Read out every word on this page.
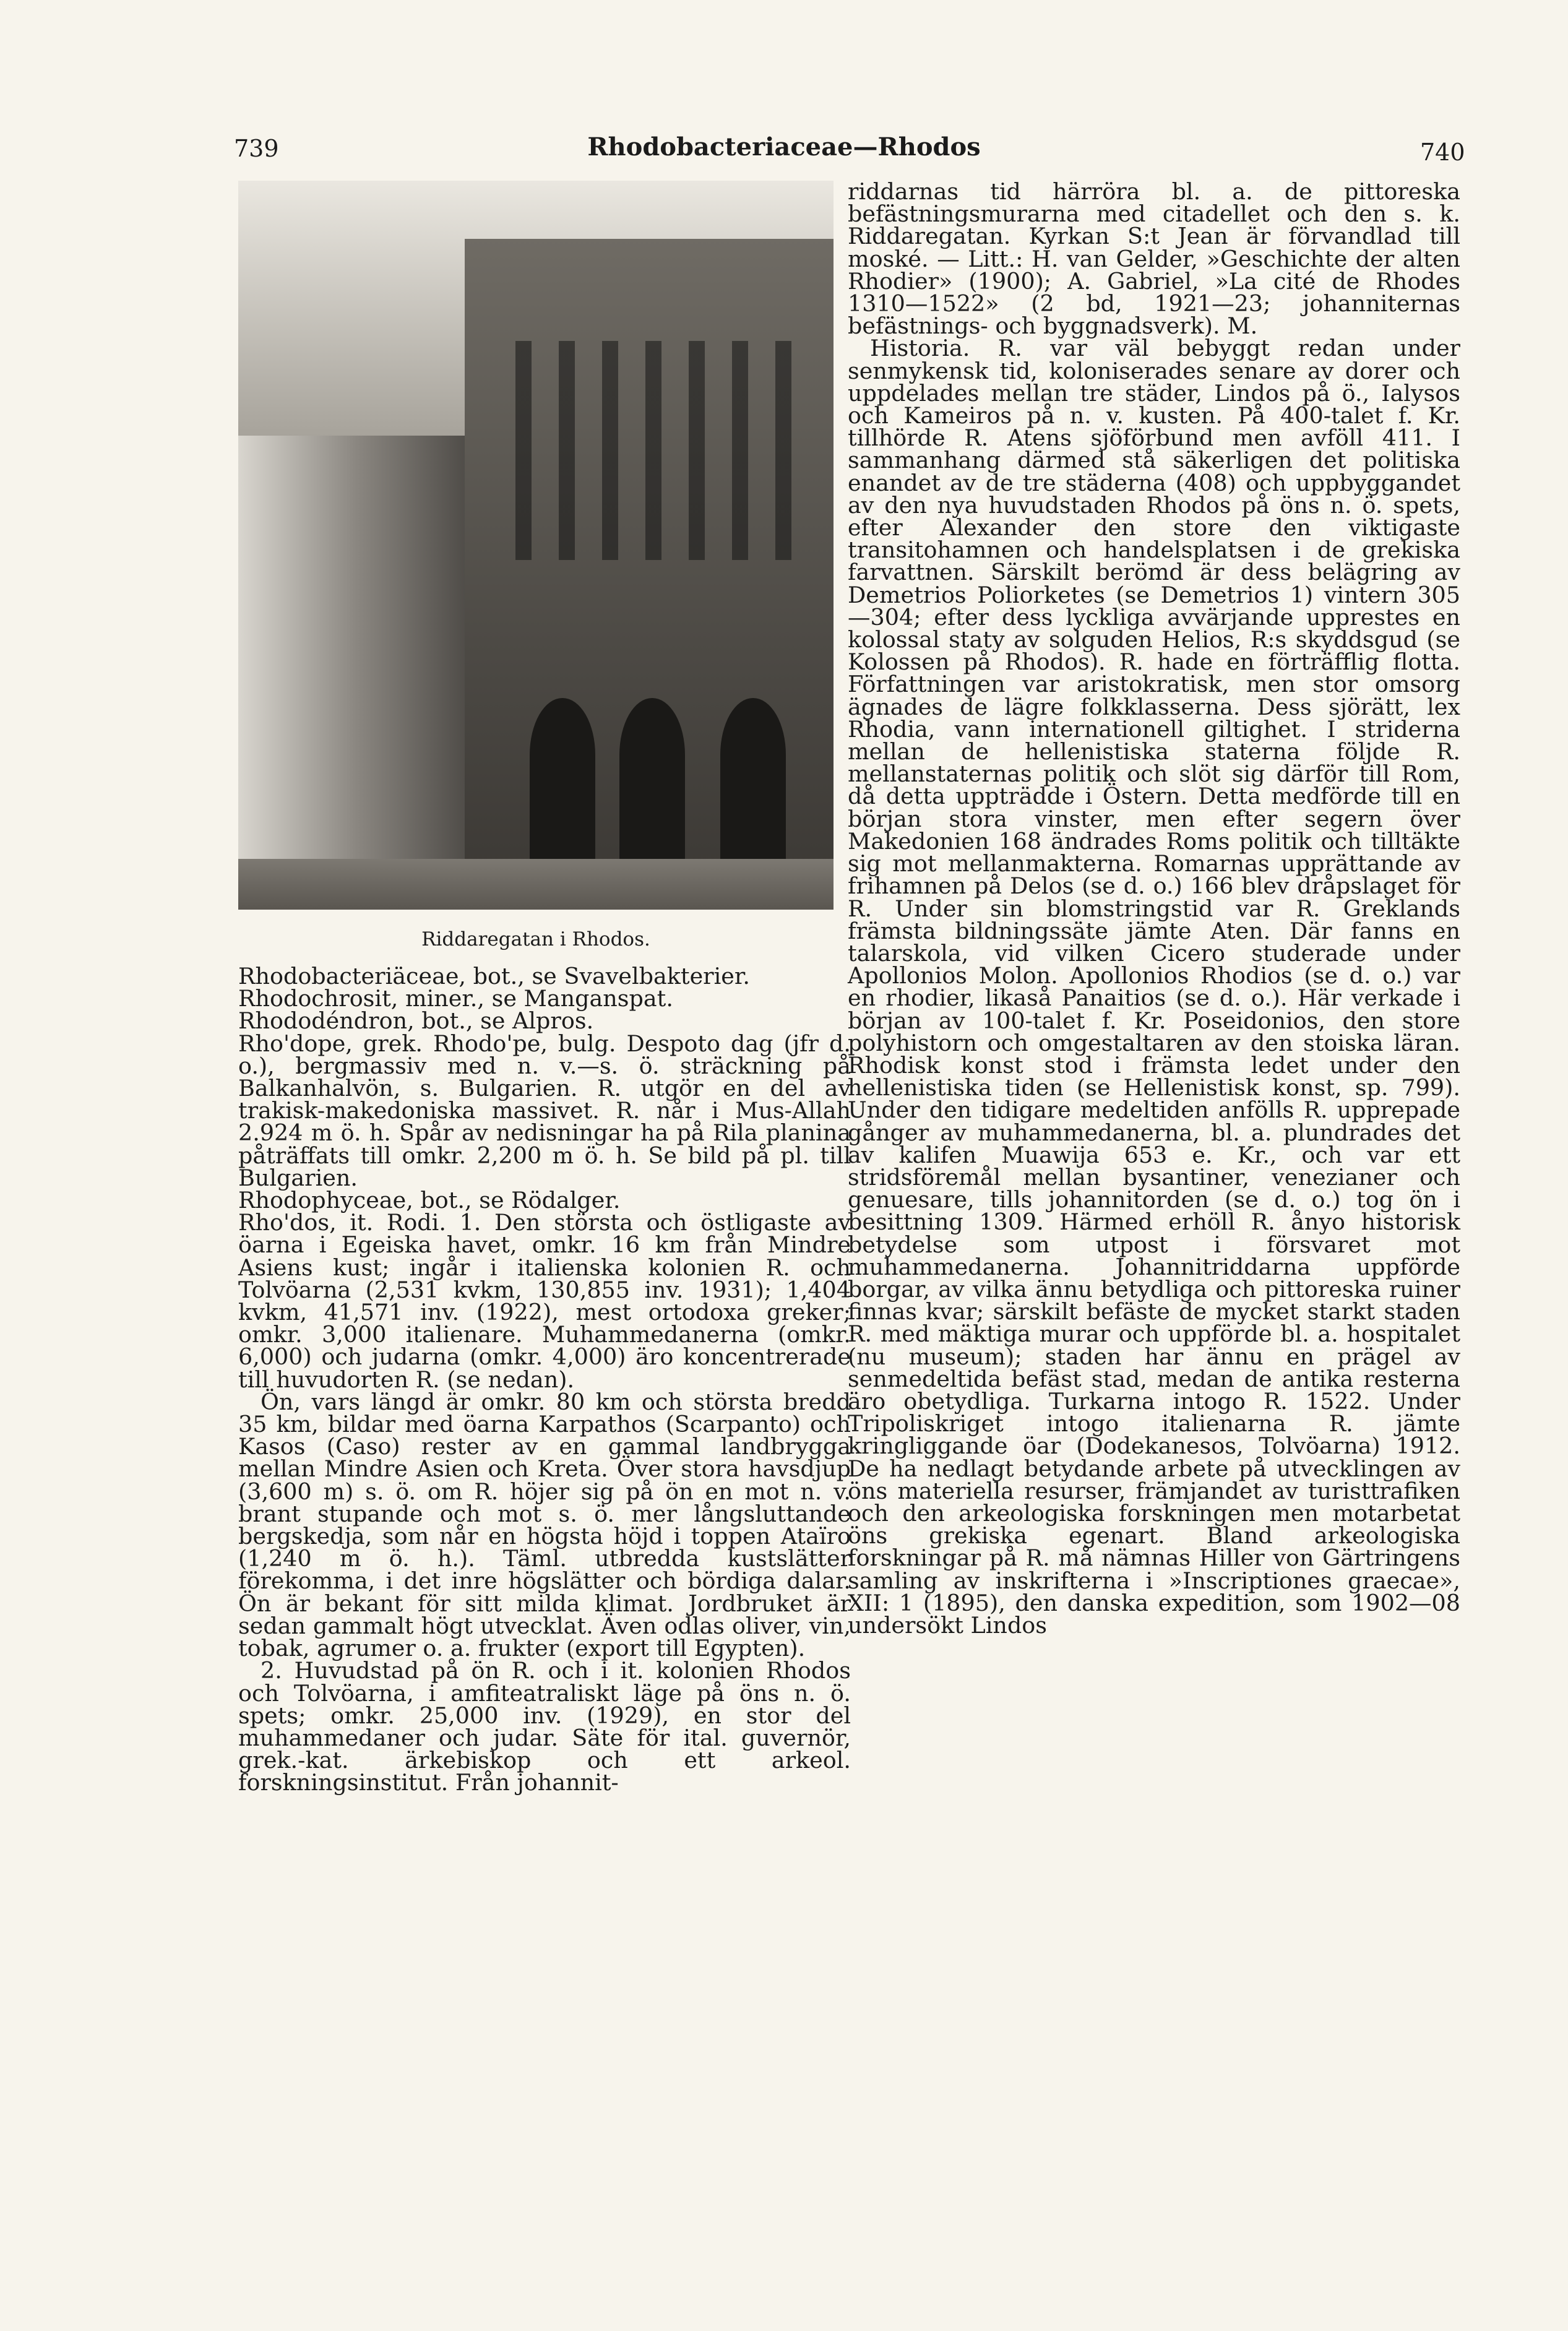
739	Rhodobacteriaceae—Rhodos	740
Riddaregatan i Rhodos.

Rhodobacteriäceae, bot., se Svavelbakterier.

Rhodochrosit, miner., se Manganspat.

Rhododéndron, bot., se Alpros.

Rho'dope, grek. Rhodo'pe, bulg. Despoto dag (jfr d. o.), bergmassiv med n. v.—s. ö. sträckning på Balkanhalvön, s. Bulgarien. R. utgör en del av trakisk-makedoniska massivet. R. når i Mus-Allah 2.924 m ö. h. Spår av nedisningar ha på Rila planina påträffats till omkr. 2,200 m ö. h. Se bild på pl. till Bulgarien.

Rhodophyceae, bot., se Rödalger.

Rho'dos, it. Rodi. 1. Den största och östligaste av öarna i Egeiska havet, omkr. 16 km från Mindre Asiens kust; ingår i italienska kolonien R. och Tolvöarna (2,531 kvkm, 130,855 inv. 1931); 1,404 kvkm, 41,571 inv. (1922), mest ortodoxa greker; omkr. 3,000 italienare. Muhammedanerna (omkr. 6,000) och judarna (omkr. 4,000) äro koncentrerade till huvudorten R. (se nedan).

Ön, vars längd är omkr. 80 km och största bredd 35 km, bildar med öarna Karpathos (Scarpanto) och Kasos (Caso) rester av en gammal landbrygga mellan Mindre Asien och Kreta. Över stora havsdjup (3,600 m) s. ö. om R. höjer sig på ön en mot n. v. brant stupande och mot s. ö. mer långsluttande bergskedja, som når en högsta höjd i toppen Ataïro (1,240 m ö. h.). Täml. utbredda kustslätter förekomma, i det inre högslätter och bördiga dalar. Ön är bekant för sitt milda klimat. Jordbruket är sedan gammalt högt utvecklat. Även odlas oliver, vin, tobak, agrumer o. a. frukter (export till Egypten).

2. Huvudstad på ön R. och i it. kolonien Rhodos och Tolvöarna, i amfiteatraliskt läge på öns n. ö. spets; omkr. 25,000 inv. (1929), en stor del muhammedaner och judar. Säte för ital. guvernör, grek.-kat. ärkebiskop och ett arkeol. forskningsinstitut. Från johannit-

riddarnas tid härröra bl. a. de pittoreska befästningsmurarna med citadellet och den s. k. Riddaregatan. Kyrkan S:t Jean är förvandlad till moské. — Litt.: H. van Gelder, »Geschichte der alten Rhodier» (1900); A. Gabriel, »La cité de Rhodes 1310—1522» (2 bd, 1921—23; johanniternas befästnings- och byggnadsverk). M.

Historia. R. var väl bebyggt redan under senmykensk tid, koloniserades senare av dorer och uppdelades mellan tre städer, Lindos på ö., Ialysos och Kameiros på n. v. kusten. På 400-talet f. Kr. tillhörde R. Atens sjöförbund men avföll 411. I sammanhang därmed stå säkerligen det politiska enandet av de tre städerna (408) och uppbyggandet av den nya huvudstaden Rhodos på öns n. ö. spets, efter Alexander den store den viktigaste transitohamnen och handelsplatsen i de grekiska farvattnen. Särskilt berömd är dess belägring av Demetrios Poliorketes (se Demetrios 1) vintern 305—304; efter dess lyckliga avvärjande upprestes en kolossal staty av solguden Helios, R:s skyddsgud (se Kolossen på Rhodos). R. hade en förträfflig flotta. Författningen var aristokratisk, men stor omsorg ägnades de lägre folkklasserna. Dess sjörätt, lex Rhodia, vann internationell giltighet. I striderna mellan de hellenistiska staterna följde R. mellanstaternas politik och slöt sig därför till Rom, då detta uppträdde i Östern. Detta medförde till en början stora vinster, men efter segern över Makedonien 168 ändrades Roms politik och tilltäkte sig mot mellanmakterna. Romarnas upprättande av frihamnen på Delos (se d. o.) 166 blev dråpslaget för R. Under sin blomstringstid var R. Greklands främsta bildningssäte jämte Aten. Där fanns en talarskola, vid vilken Cicero studerade under Apollonios Molon. Apollonios Rhodios (se d. o.) var en rhodier, likaså Panaitios (se d. o.). Här verkade i början av 100-talet f. Kr. Poseidonios, den store polyhistorn och omgestaltaren av den stoiska läran. Rhodisk konst stod i främsta ledet under den hellenistiska tiden (se Hellenistisk konst, sp. 799). Under den tidigare medeltiden anfölls R. upprepade gånger av muhammedanerna, bl. a. plundrades det av kalifen Muawija 653 e. Kr., och var ett stridsföremål mellan bysantiner, venezianer och genuesare, tills johannitorden (se d. o.) tog ön i besittning 1309. Härmed erhöll R. ånyo historisk betydelse som utpost i försvaret mot muhammedanerna. Johannitriddarna uppförde borgar, av vilka ännu betydliga och pittoreska ruiner finnas kvar; särskilt befäste de mycket starkt staden R. med mäktiga murar och uppförde bl. a. hospitalet (nu museum); staden har ännu en prägel av senmedeltida befäst stad, medan de antika resterna äro obetydliga. Turkarna intogo R. 1522. Under Tripoliskriget intogo italienarna R. jämte kringliggande öar (Dodekanesos, Tolvöarna) 1912. De ha nedlagt betydande arbete på utvecklingen av öns materiella resurser, främjandet av turisttrafiken och den arkeologiska forskningen men motarbetat öns grekiska egenart. Bland arkeologiska forskningar på R. må nämnas Hiller von Gärtringens samling av inskrifterna i »Inscriptiones graecae», XII: 1 (1895), den danska expedition, som 1902—08 undersökt Lindos
